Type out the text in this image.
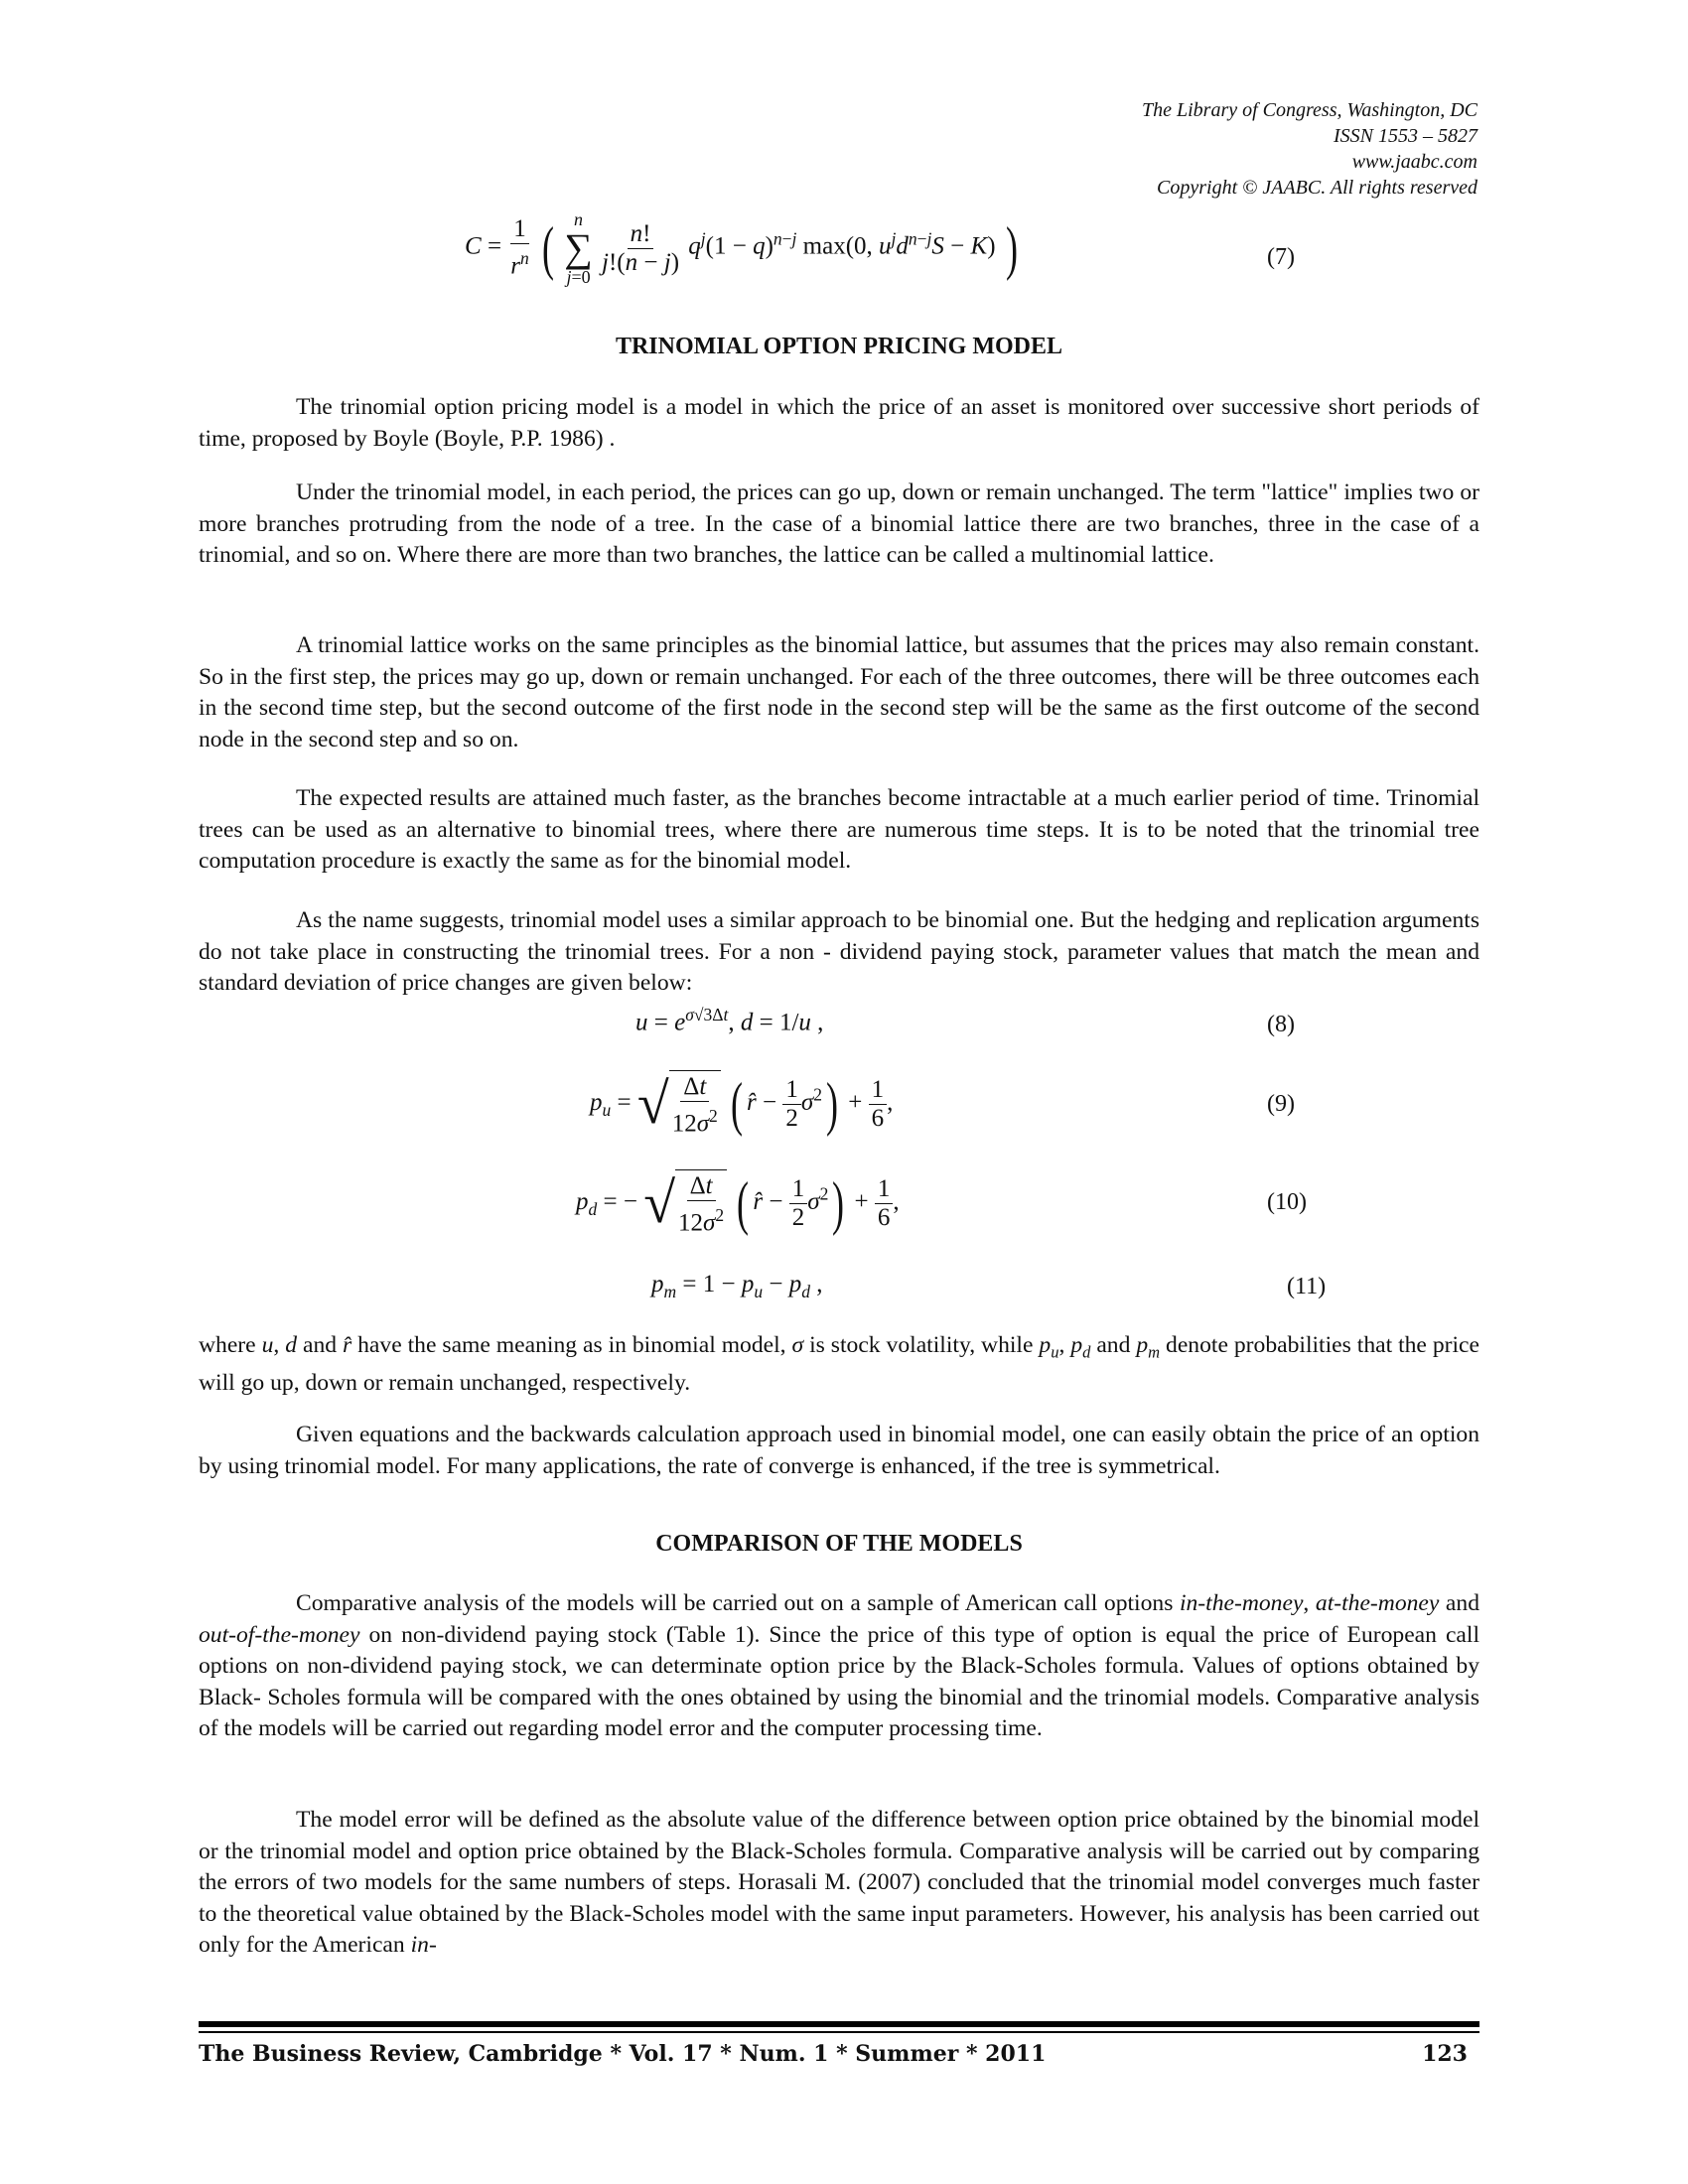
The Library of Congress, Washington, DC
ISSN 1553 – 5827
www.jaabc.com
Copyright © JAABC. All rights reserved
$C = \frac{1}{r^n}$ ( n
∑
j=0

$\frac{n!}{j!(n - j)} q^j(1 - q)^{n-j}$ max(0, $u^jd^{n-j}S - K$) )	(7)
TRINOMIAL OPTION PRICING MODEL

The trinomial option pricing model is a model in which the price of an asset is monitored over successive short periods of time, proposed by Boyle (Boyle, P.P. 1986) .

Under the trinomial model, in each period, the prices can go up, down or remain unchanged. The term "lattice" implies two or more branches protruding from the node of a tree. In the case of a binomial lattice there are two branches, three in the case of a trinomial, and so on. Where there are more than two branches, the lattice can be called a multinomial lattice.

A trinomial lattice works on the same principles as the binomial lattice, but assumes that the prices may also remain constant. So in the first step, the prices may go up, down or remain unchanged. For each of the three outcomes, there will be three outcomes each in the second time step, but the second outcome of the first node in the second step will be the same as the first outcome of the second node in the second step and so on.

The expected results are attained much faster, as the branches become intractable at a much earlier period of time. Trinomial trees can be used as an alternative to binomial trees, where there are numerous time steps. It is to be noted that the trinomial tree computation procedure is exactly the same as for the binomial model.

As the name suggests, trinomial model uses a similar approach to be binomial one. But the hedging and replication arguments do not take place in constructing the trinomial trees. For a non - dividend paying stock, parameter values that match the mean and standard deviation of price changes are given below:

$u = e^{\sigma√3\Delta t}$, d = 1/u ,	(8)
$p_u$ = √ $\frac{\Delta t}{12\sigma^2}$ ( r̂ − $\frac{1}{2} \sigma^2) + \frac{1}{6}$ ,	(9)
$p_d$ = − √ $\frac{\Delta t}{12\sigma^2}$ ( r̂ − $\frac{1}{2} \sigma^2) + \frac{1}{6}$ ,	(10)
$p_m = 1 - p_u - p_d$ ,	(11)

where u, d and r̂ have the same meaning as in binomial model, σ is stock volatility, while $p_u$, $p_d$ and $p_m$ denote probabilities that the price will go up, down or remain unchanged, respectively.

Given equations and the backwards calculation approach used in binomial model, one can easily obtain the price of an option by using trinomial model. For many applications, the rate of converge is enhanced, if the tree is symmetrical.

COMPARISON OF THE MODELS

Comparative analysis of the models will be carried out on a sample of American call options in-the-money, at-the-money and out-of-the-money on non-dividend paying stock (Table 1). Since the price of this type of option is equal the price of European call options on non-dividend paying stock, we can determinate option price by the Black-Scholes formula. Values of options obtained by Black- Scholes formula will be compared with the ones obtained by using the binomial and the trinomial models. Comparative analysis of the models will be carried out regarding model error and the computer processing time.

The model error will be defined as the absolute value of the difference between option price obtained by the binomial model or the trinomial model and option price obtained by the Black-Scholes formula. Comparative analysis will be carried out by comparing the errors of two models for the same numbers of steps. Horasali M. (2007) concluded that the trinomial model converges much faster to the theoretical value obtained by the Black-Scholes model with the same input parameters. However, his analysis has been carried out only for the American in-

The Business Review, Cambridge * Vol. 17 * Num. 1 * Summer * 2011	123
